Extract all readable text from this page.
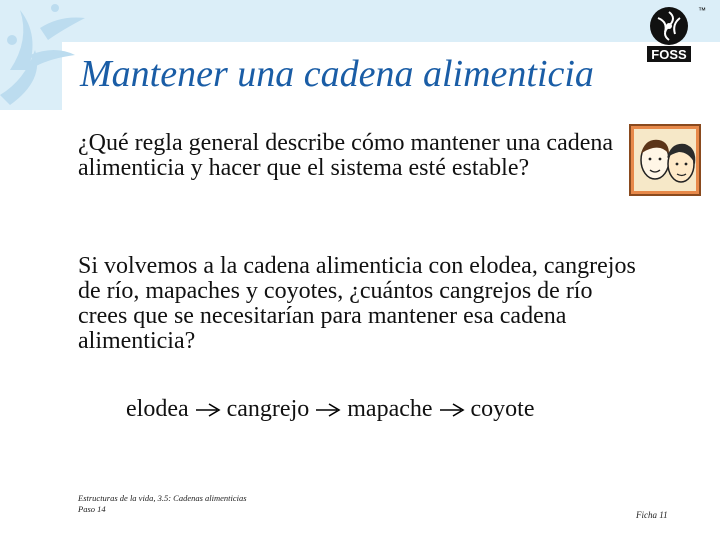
FOSS
™
Mantener una cadena alimenticia

¿Qué regla general describe cómo mantener una cadena alimenticia y hacer que el sistema esté estable?

Si volvemos a la cadena alimenticia con elodea, cangrejos de río, mapaches y coyotes, ¿cuántos cangrejos de río crees que se necesitarían para mantener esa cadena alimenticia?

elodea cangrejo mapache coyote
Estructuras de la vida, 3.5: Cadenas alimenticias
Paso 14
Ficha 11
